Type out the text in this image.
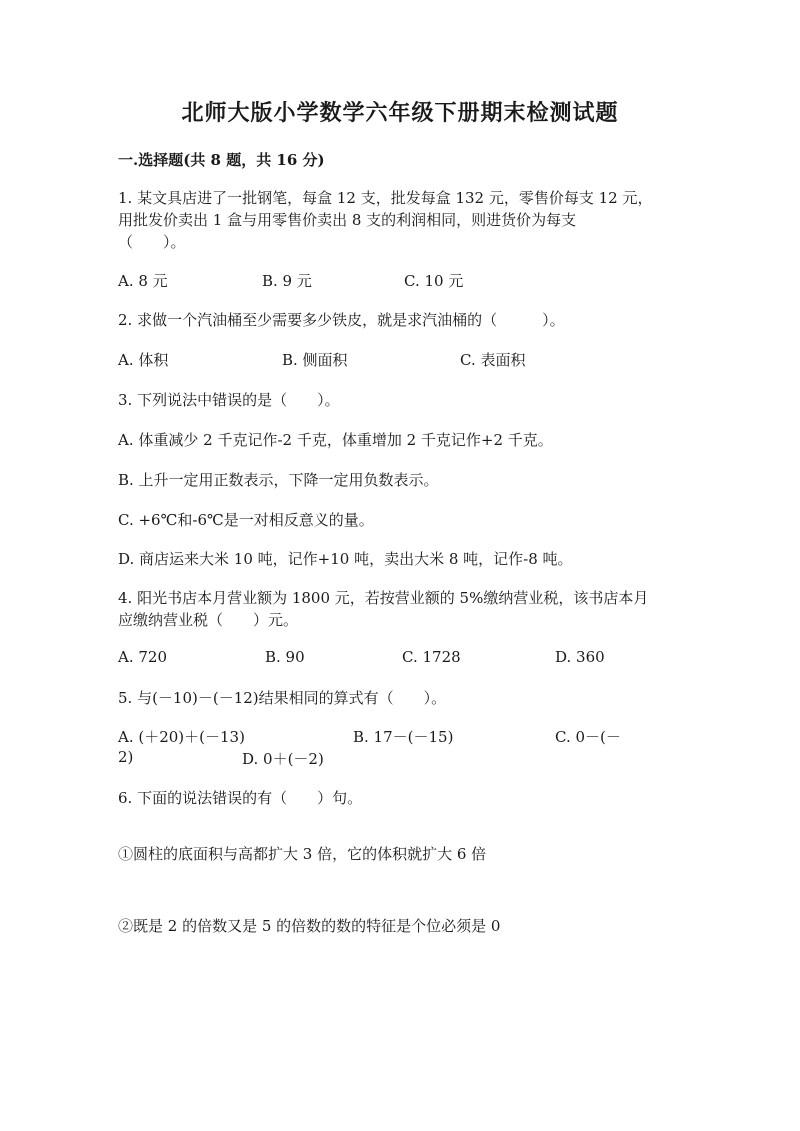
北师大版小学数学六年级下册期末检测试题
一.选择题(共 8 题，共 16 分)
1. 某文具店进了一批钢笔，每盒 12 支，批发每盒 132 元，零售价每支 12 元，
用批发价卖出 1 盒与用零售价卖出 8 支的利润相同，则进货价为每支
（　　）。
A. 8 元	B. 9 元	C. 10 元
2. 求做一个汽油桶至少需要多少铁皮，就是求汽油桶的（　　　）。
A. 体积	B. 侧面积	C. 表面积
3. 下列说法中错误的是（　　）。
A. 体重减少 2 千克记作-2 千克，体重增加 2 千克记作+2 千克。
B. 上升一定用正数表示，下降一定用负数表示。
C. +6℃和-6℃是一对相反意义的量。
D. 商店运来大米 10 吨，记作+10 吨，卖出大米 8 吨，记作-8 吨。
4. 阳光书店本月营业额为 1800 元，若按营业额的 5%缴纳营业税，该书店本月
应缴纳营业税（　　）元。
A. 720	B. 90	C. 1728	D. 360
5. 与(－10)－(－12)结果相同的算式有（　　）。
A. (＋20)＋(－13)	B. 17－(－15)	C. 0－(－
2)	D. 0＋(－2)
6. 下面的说法错误的有（　　）句。
①圆柱的底面积与高都扩大 3 倍，它的体积就扩大 6 倍
②既是 2 的倍数又是 5 的倍数的数的特征是个位必须是 0
